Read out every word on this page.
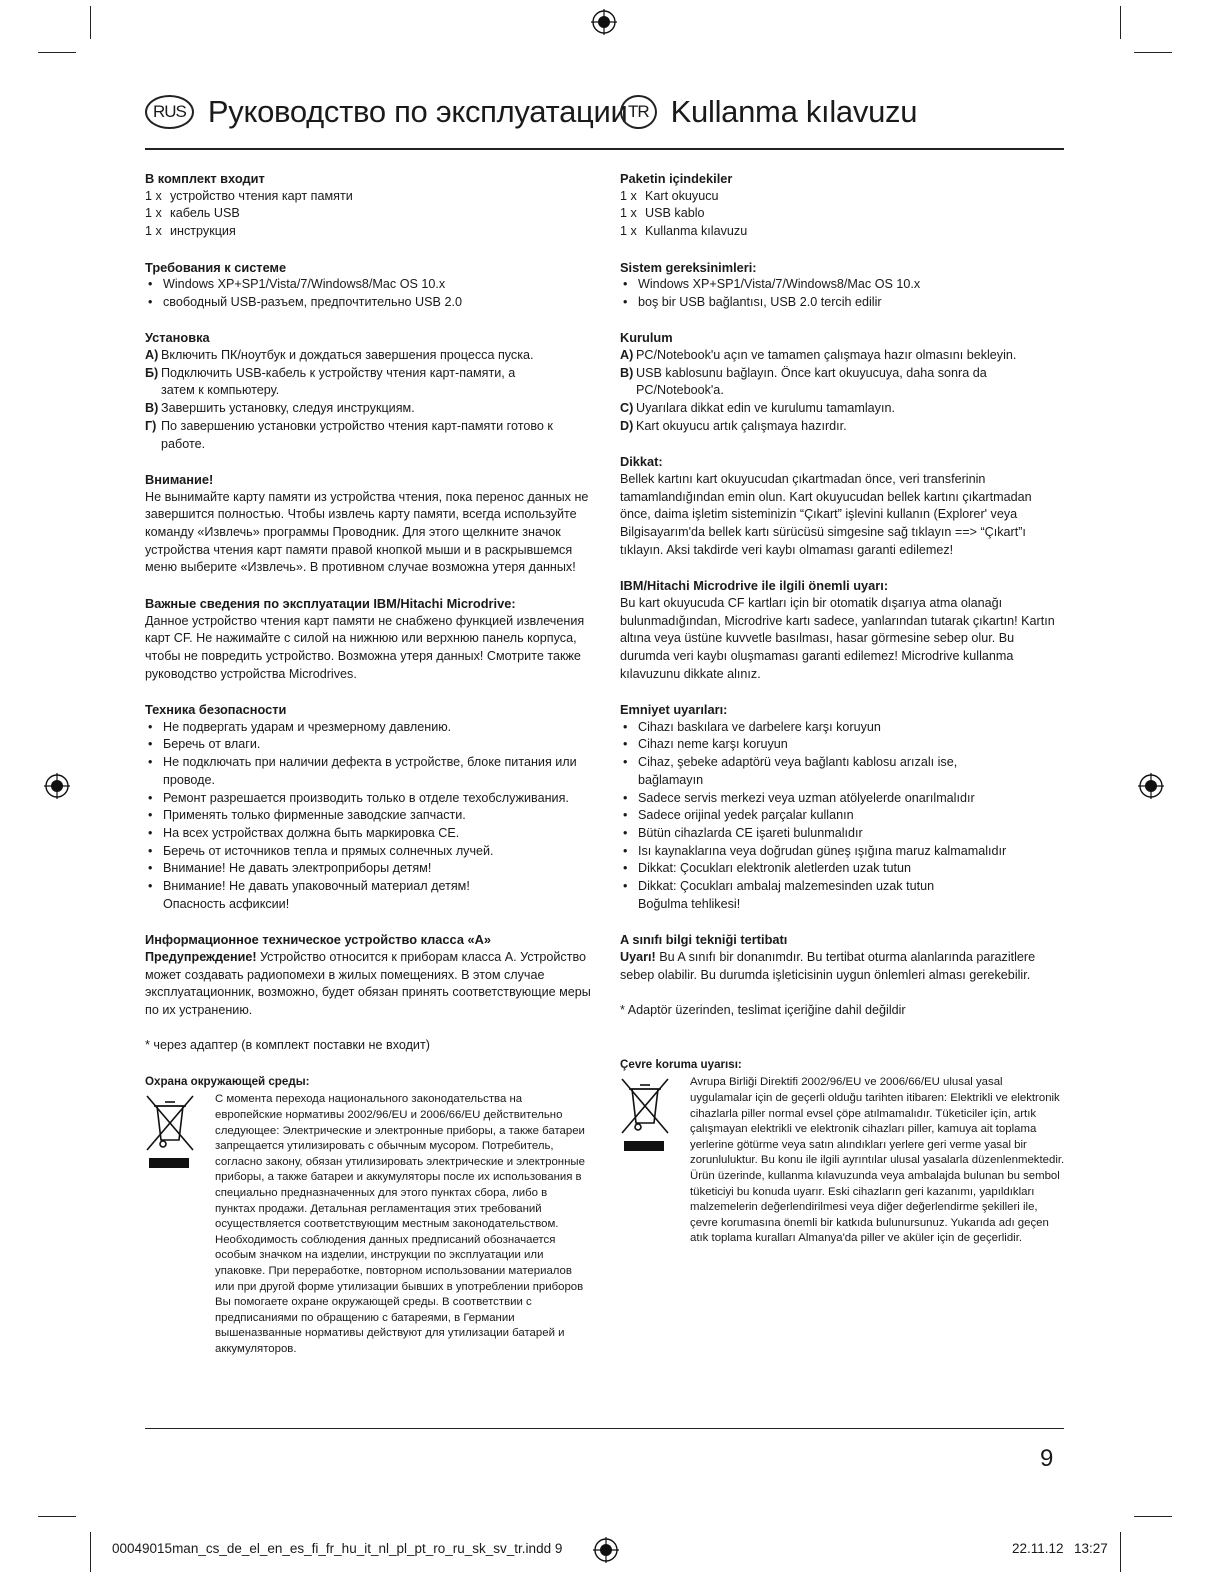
RUS Руководство по эксплуатации TR Kullanma kılavuzu
В комплект входит
1 x устройство чтения карт памяти
1 x кабель USB
1 x инструкция
Требования к системе
• Windows XP+SP1/Vista/7/Windows8/Mac OS 10.x
• свободный USB-разъем, предпочтительно USB 2.0
Установка
А) Включить ПК/ноутбук и дождаться завершения процесса пуска.
Б) Подключить USB-кабель к устройству чтения карт-памяти, а затем к компьютеру.
В) Завершить установку, следуя инструкциям.
Г) По завершению установки устройство чтения карт-памяти готово к работе.
Внимание!

Не вынимайте карту памяти из устройства чтения, пока перенос данных не завершится полностью. Чтобы извлечь карту памяти, всегда используйте команду «Извлечь» программы Проводник. Для этого щелкните значок устройства чтения карт памяти правой кнопкой мыши и в раскрывшемся меню выберите «Извлечь». В противном случае возможна утеря данных!

Важные сведения по эксплуатации IBM/Hitachi Microdrive:

Данное устройство чтения карт памяти не снабжено функцией извлечения карт CF. Не нажимайте с силой на нижнюю или верхнюю панель корпуса, чтобы не повредить устройство. Возможна утеря данных! Смотрите также руководство устройства Microdrives.

Техника безопасности
• Не подвергать ударам и чрезмерному давлению.
• Беречь от влаги.
• Не подключать при наличии дефекта в устройстве, блоке питания или проводе.
• Ремонт разрешается производить только в отделе техобслуживания.
• Применять только фирменные заводские запчасти.
• На всех устройствах должна быть маркировка СЕ.
• Беречь от источников тепла и прямых солнечных лучей.
• Внимание! Не давать электроприборы детям!
• Внимание! Не давать упаковочный материал детям! Опасность асфиксии!
Информационное техническое устройство класса «А»

Предупреждение! Устройство относится к приборам класса А. Устройство может создавать радиопомехи в жилых помещениях. В этом случае эксплуатационник, возможно, будет обязан принять соответствующие меры по их устранению.

* через адаптер (в комплект поставки не входит)
Охрана окружающей среды:
С момента перехода национального законодательства на европейские нормативы 2002/96/EU и 2006/66/EU действительно следующее: Электрические и электронные приборы, а также батареи запрещается утилизировать с обычным мусором. Потребитель, согласно закону, обязан утилизировать электрические и электронные приборы, а также батареи и аккумуляторы после их использования в специально предназначенных для этого пунктах сбора, либо в пунктах продажи. Детальная регламентация этих требований осуществляется соответствующим местным законодательством. Необходимость соблюдения данных предписаний обозначается особым значком на изделии, инструкции по эксплуатации или упаковке. При переработке, повторном использовании материалов или при другой форме утилизации бывших в употреблении приборов Вы помогаете охране окружающей среды. В соответствии с предписаниями по обращению с батареями, в Германии вышеназванные нормативы действуют для утилизации батарей и аккумуляторов.
Paketin içindekiler
1 x Kart okuyucu
1 x USB kablo
1 x Kullanma kılavuzu
Sistem gereksinimleri:
• Windows XP+SP1/Vista/7/Windows8/Mac OS 10.x
• boş bir USB bağlantısı, USB 2.0 tercih edilir
Kurulum
A) PC/Notebook'u açın ve tamamen çalışmaya hazır olmasını bekleyin.
B) USB kablosunu bağlayın. Önce kart okuyucuya, daha sonra da PC/Notebook'a.
C) Uyarılara dikkat edin ve kurulumu tamamlayın.
D) Kart okuyucu artık çalışmaya hazırdır.
Dikkat:

Bellek kartını kart okuyucudan çıkartmadan önce, veri transferinin tamamlandığından emin olun. Kart okuyucudan bellek kartını çıkartmadan önce, daima işletim sisteminizin “Çıkart” işlevini kullanın (Explorer' veya Bilgisayarım'da bellek kartı sürücüsü simgesine sağ tıklayın ==> “Çıkart”ı tıklayın. Aksi takdirde veri kaybı olmaması garanti edilemez!

IBM/Hitachi Microdrive ile ilgili önemli uyarı:

Bu kart okuyucuda CF kartları için bir otomatik dışarıya atma olanağı bulunmadığından, Microdrive kartı sadece, yanlarından tutarak çıkartın! Kartın altına veya üstüne kuvvetle basılması, hasar görmesine sebep olur. Bu durumda veri kaybı oluşmaması garanti edilemez! Microdrive kullanma kılavuzunu dikkate alınız.

Emniyet uyarıları:
• Cihazı baskılara ve darbelere karşı koruyun
• Cihazı neme karşı koruyun
• Cihaz, şebeke adaptörü veya bağlantı kablosu arızalı ise, bağlamayın
• Sadece servis merkezi veya uzman atölyelerde onarılmalıdır
• Sadece orijinal yedek parçalar kullanın
• Bütün cihazlarda CE işareti bulunmalıdır
• Isı kaynaklarına veya doğrudan güneş ışığına maruz kalmamalıdır
• Dikkat: Çocukları elektronik aletlerden uzak tutun
• Dikkat: Çocukları ambalaj malzemesinden uzak tutun Boğulma tehlikesi!
A sınıfı bilgi tekniği tertibatı

Uyarı! Bu A sınıfı bir donanımdır. Bu tertibat oturma alanlarında parazitlere sebep olabilir. Bu durumda işleticisinin uygun önlemleri alması gerekebilir.

* Adaptör üzerinden, teslimat içeriğine dahil değildir
Çevre koruma uyarısı:
Avrupa Birliği Direktifi 2002/96/EU ve 2006/66/EU ulusal yasal uygulamalar için de geçerli olduğu tarihten itibaren: Elektrikli ve elektronik cihazlarla piller normal evsel çöpe atılmamalıdır. Tüketiciler için, artık çalışmayan elektrikli ve elektronik cihazları piller, kamuya ait toplama yerlerine götürme veya satın alındıkları yerlere geri verme yasal bir zorunluluktur. Bu konu ile ilgili ayrıntılar ulusal yasalarla düzenlenmektedir. Ürün üzerinde, kullanma kılavuzunda veya ambalajda bulunan bu sembol tüketiciyi bu konuda uyarır. Eski cihazların geri kazanımı, yapıldıkları malzemelerin değerlendirilmesi veya diğer değerlendirme şekilleri ile, çevre korumasına önemli bir katkıda bulunursunuz. Yukarıda adı geçen atık toplama kuralları Almanya'da piller ve aküler için de geçerlidir.
9
00049015man_cs_de_el_en_es_fi_fr_hu_it_nl_pl_pt_ro_ru_sk_sv_tr.indd 9	22.11.12 13:27
